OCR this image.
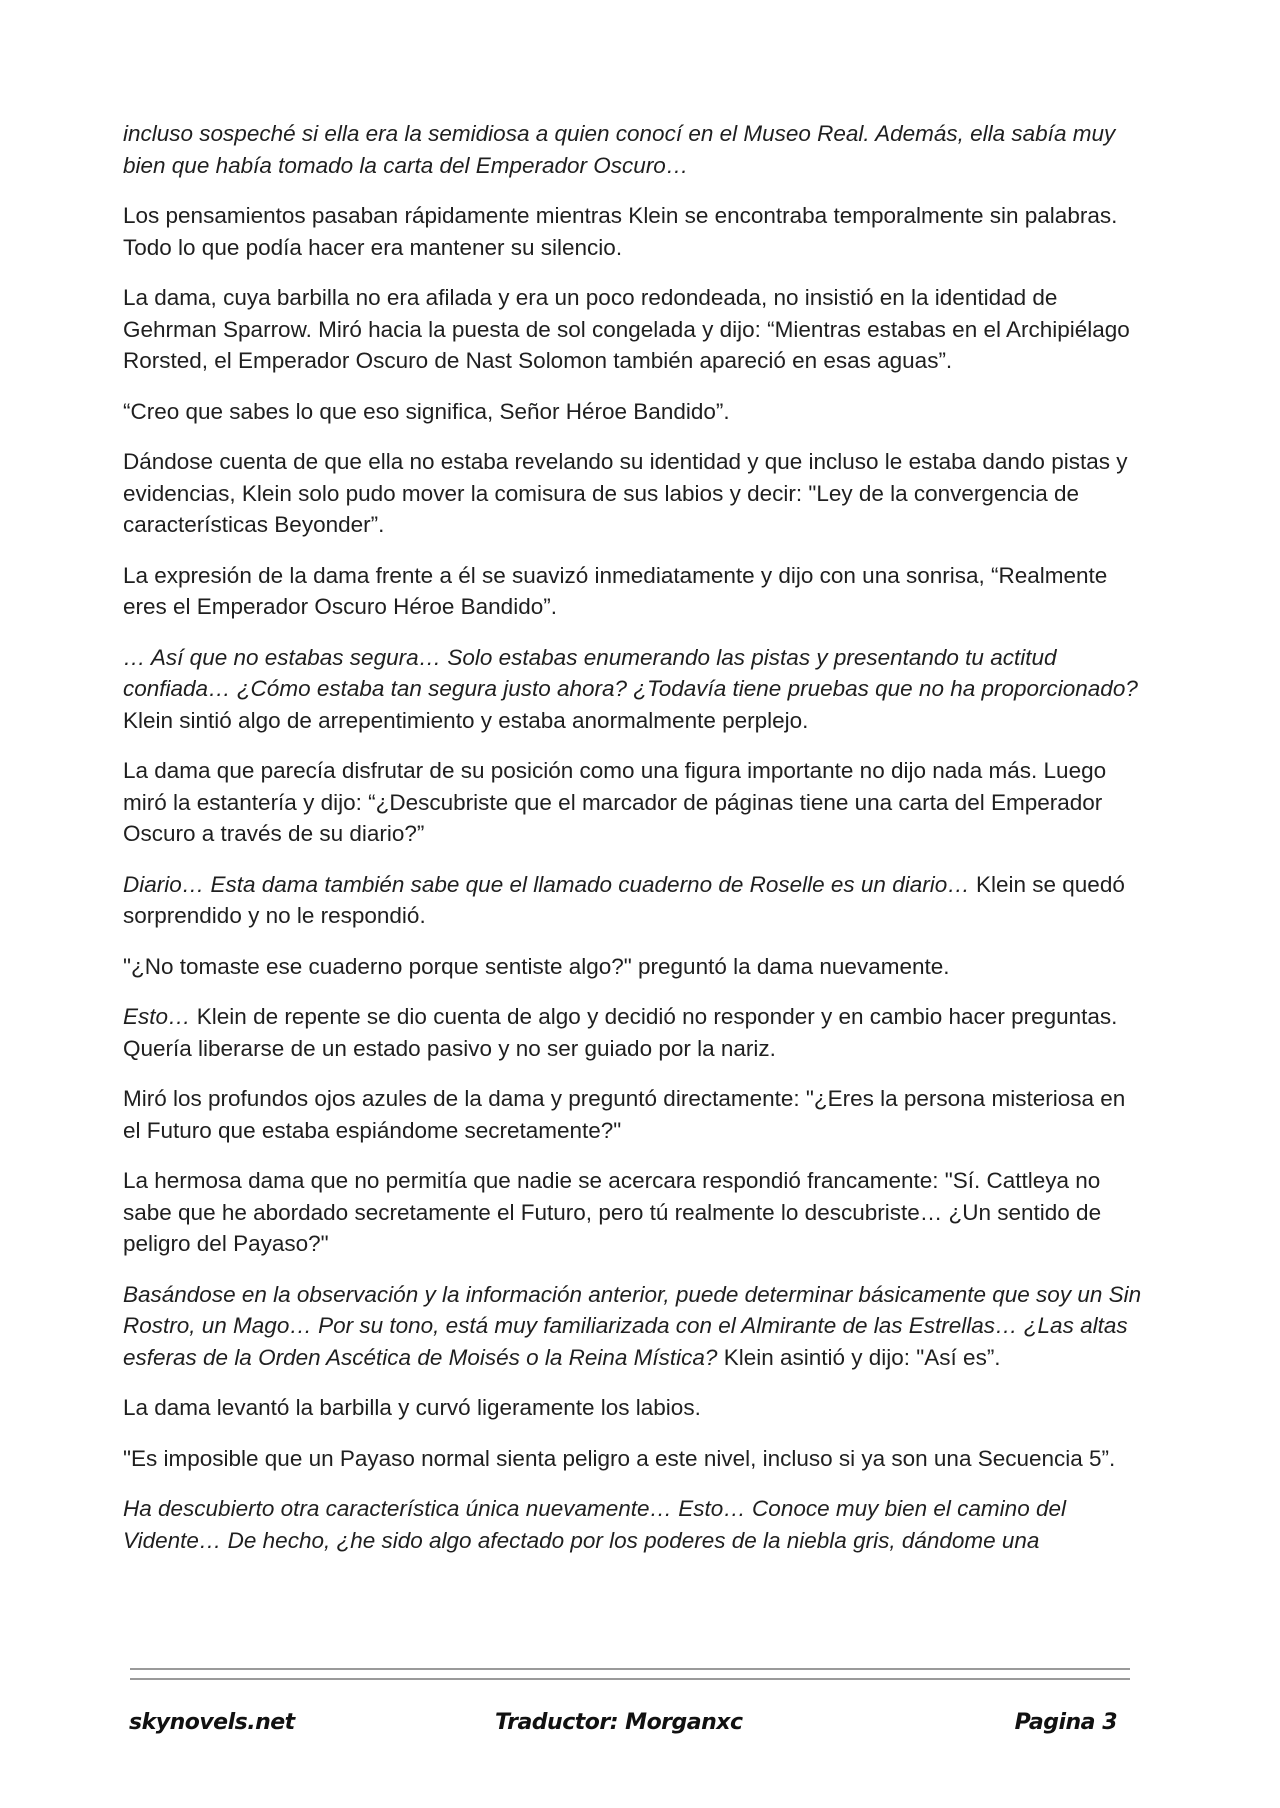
incluso sospeché si ella era la semidiosa a quien conocí en el Museo Real. Además, ella sabía muy bien que había tomado la carta del Emperador Oscuro…

Los pensamientos pasaban rápidamente mientras Klein se encontraba temporalmente sin palabras. Todo lo que podía hacer era mantener su silencio.

La dama, cuya barbilla no era afilada y era un poco redondeada, no insistió en la identidad de Gehrman Sparrow. Miró hacia la puesta de sol congelada y dijo: “Mientras estabas en el Archipiélago Rorsted, el Emperador Oscuro de Nast Solomon también apareció en esas aguas”.

“Creo que sabes lo que eso significa, Señor Héroe Bandido”.

Dándose cuenta de que ella no estaba revelando su identidad y que incluso le estaba dando pistas y evidencias, Klein solo pudo mover la comisura de sus labios y decir: "Ley de la convergencia de características Beyonder”.

La expresión de la dama frente a él se suavizó inmediatamente y dijo con una sonrisa, “Realmente eres el Emperador Oscuro Héroe Bandido”.

… Así que no estabas segura… Solo estabas enumerando las pistas y presentando tu actitud confiada… ¿Cómo estaba tan segura justo ahora? ¿Todavía tiene pruebas que no ha proporcionado? Klein sintió algo de arrepentimiento y estaba anormalmente perplejo.

La dama que parecía disfrutar de su posición como una figura importante no dijo nada más. Luego miró la estantería y dijo: “¿Descubriste que el marcador de páginas tiene una carta del Emperador Oscuro a través de su diario?”

Diario… Esta dama también sabe que el llamado cuaderno de Roselle es un diario… Klein se quedó sorprendido y no le respondió.

"¿No tomaste ese cuaderno porque sentiste algo?" preguntó la dama nuevamente.

Esto… Klein de repente se dio cuenta de algo y decidió no responder y en cambio hacer preguntas. Quería liberarse de un estado pasivo y no ser guiado por la nariz.

Miró los profundos ojos azules de la dama y preguntó directamente: "¿Eres la persona misteriosa en el Futuro que estaba espiándome secretamente?"

La hermosa dama que no permitía que nadie se acercara respondió francamente: "Sí. Cattleya no sabe que he abordado secretamente el Futuro, pero tú realmente lo descubriste… ¿Un sentido de peligro del Payaso?"

Basándose en la observación y la información anterior, puede determinar básicamente que soy un Sin Rostro, un Mago… Por su tono, está muy familiarizada con el Almirante de las Estrellas… ¿Las altas esferas de la Orden Ascética de Moisés o la Reina Mística? Klein asintió y dijo: "Así es”.

La dama levantó la barbilla y curvó ligeramente los labios.

"Es imposible que un Payaso normal sienta peligro a este nivel, incluso si ya son una Secuencia 5”.

Ha descubierto otra característica única nuevamente… Esto… Conoce muy bien el camino del Vidente… De hecho, ¿he sido algo afectado por los poderes de la niebla gris, dándome una

skynovels.net	Traductor: Morganxc	Pagina 3
